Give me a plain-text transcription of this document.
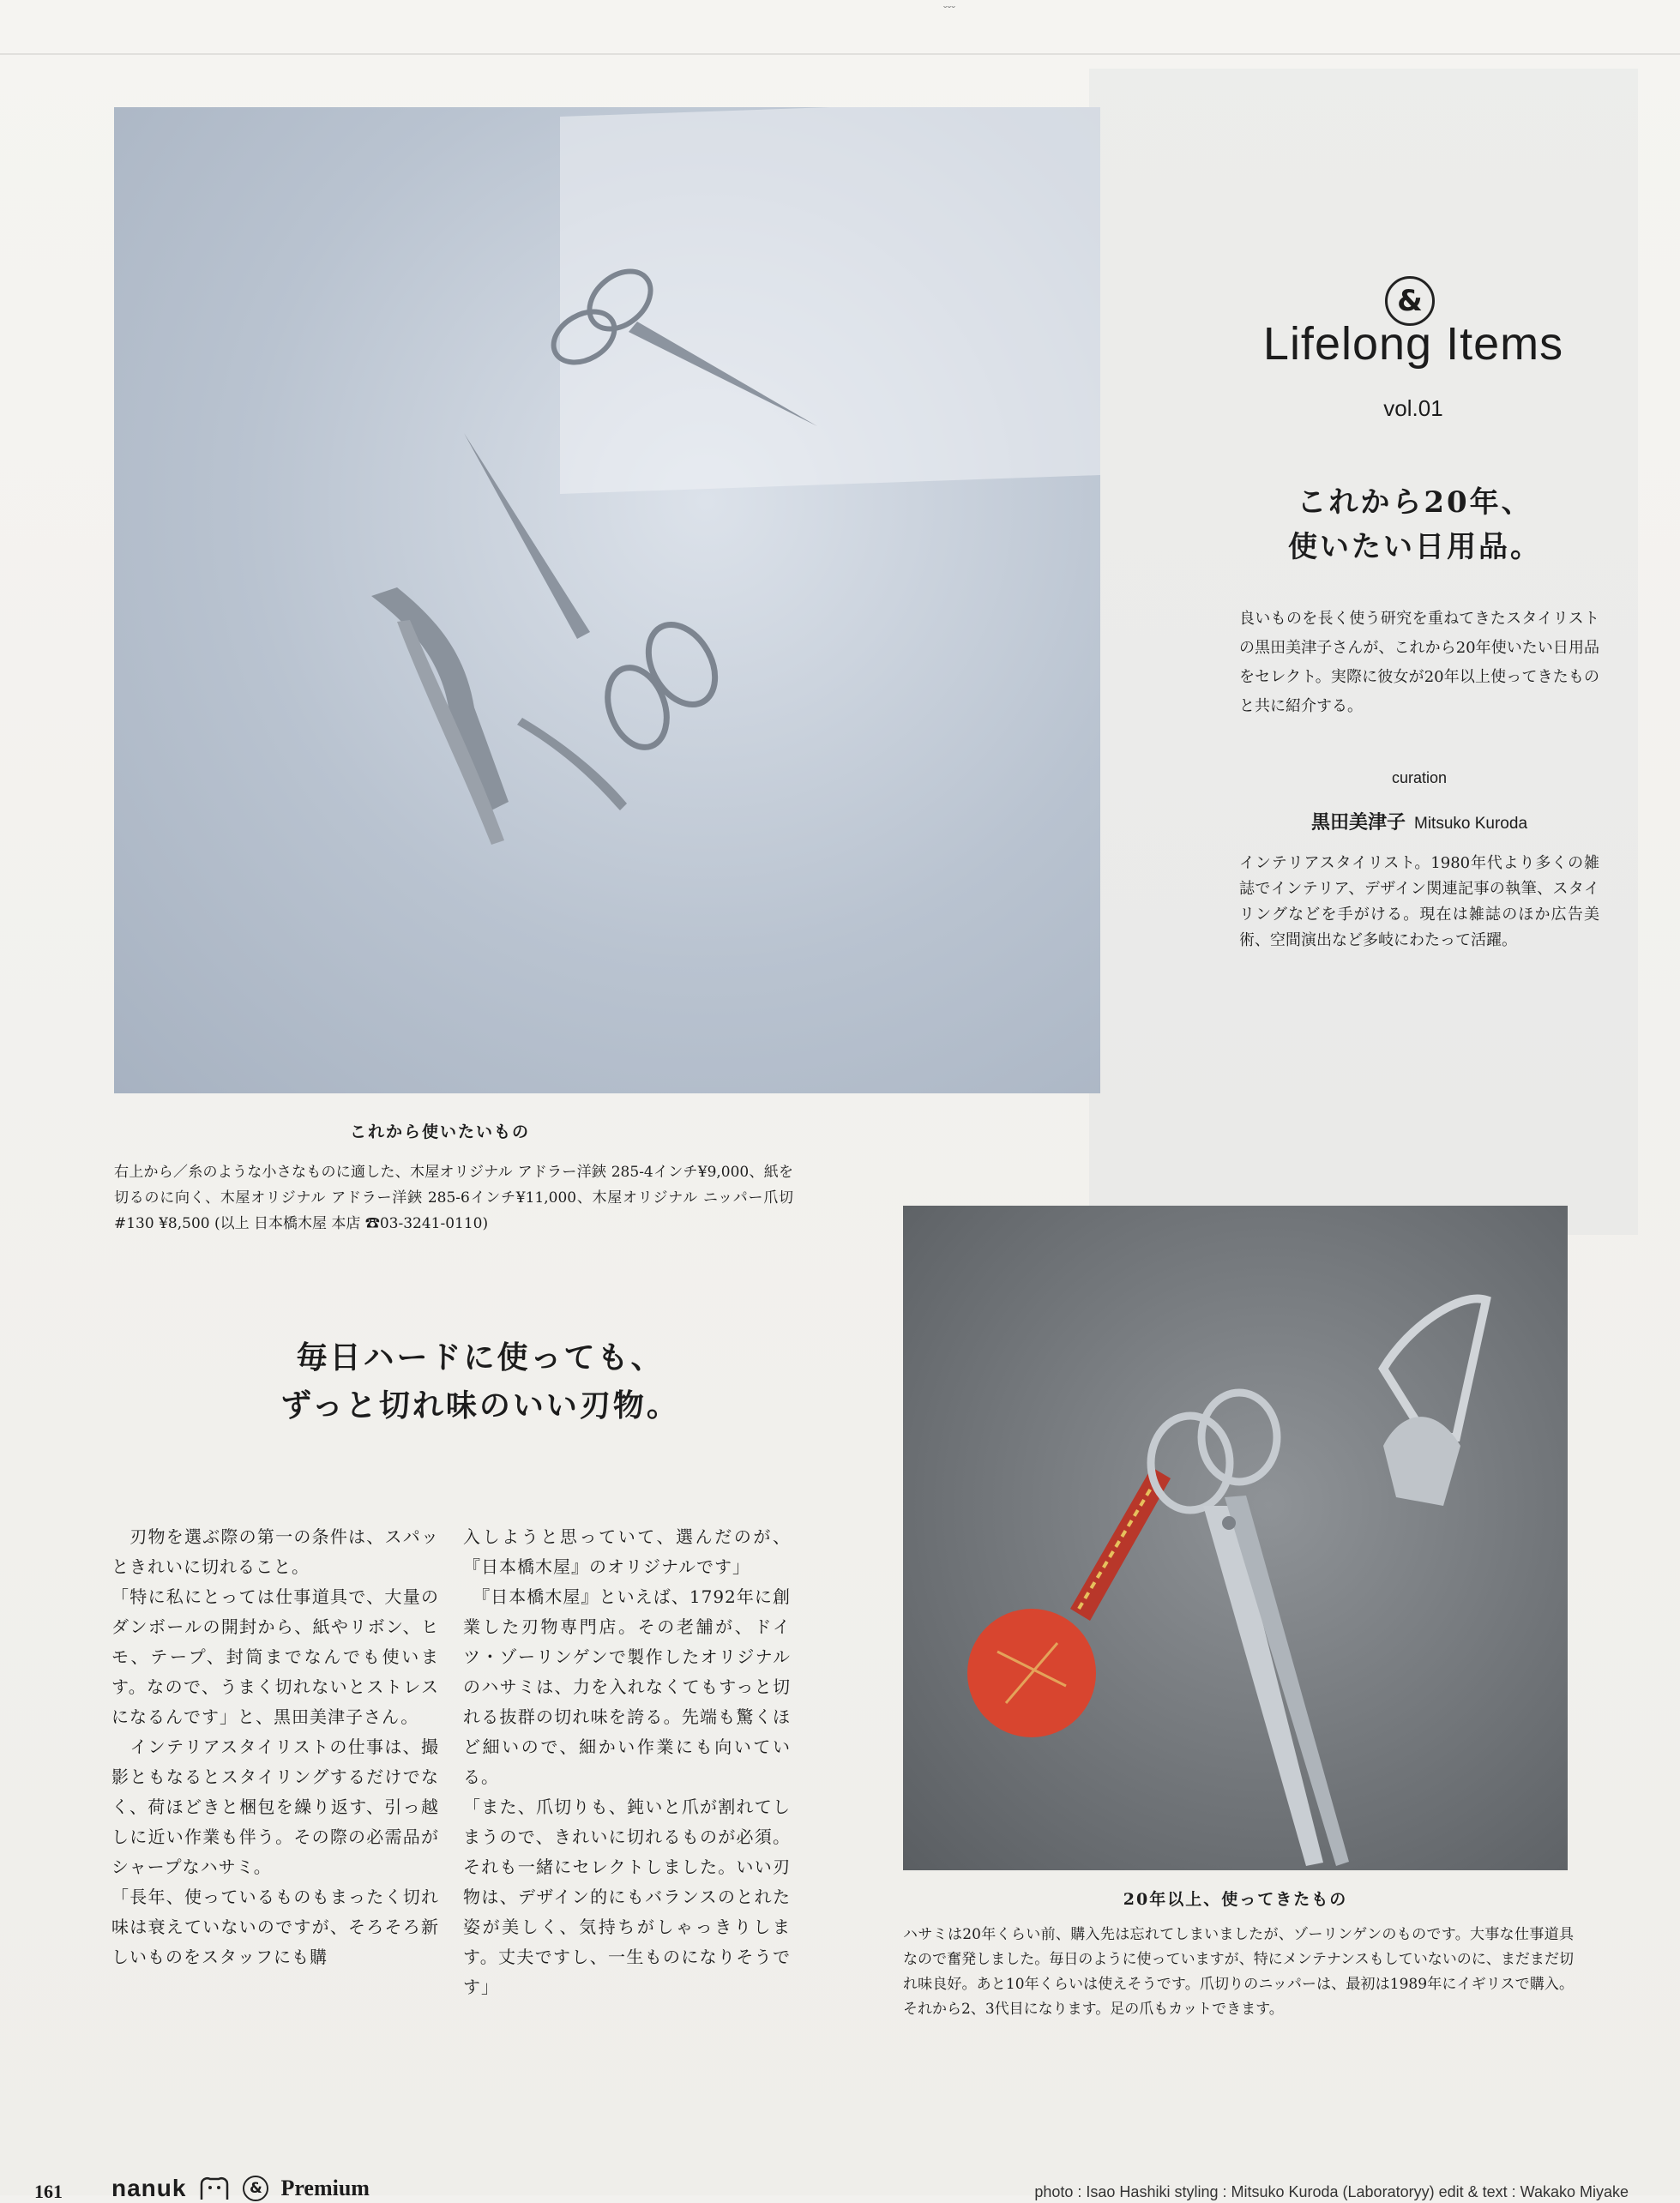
ˇˇˇ
&
Lifelong Items
vol.01
これから20年、
使いたい日用品。
良いものを長く使う研究を重ねてきたスタイリストの黒田美津子さんが、これから20年使いたい日用品をセレクト。実際に彼女が20年以上使ってきたものと共に紹介する。
curation
黒田美津子 Mitsuko Kuroda
インテリアスタイリスト。1980年代より多くの雑誌でインテリア、デザイン関連記事の執筆、スタイリングなどを手がける。現在は雑誌のほか広告美術、空間演出など多岐にわたって活躍。
これから使いたいもの
右上から／糸のような小さなものに適した、木屋オリジナル アドラー洋鋏 285-4インチ¥9,000、紙を切るのに向く、木屋オリジナル アドラー洋鋏 285-6インチ¥11,000、木屋オリジナル ニッパー爪切 #130 ¥8,500 (以上 日本橋木屋 本店 ☎03-3241-0110)
毎日ハードに使っても、
ずっと切れ味のいい刃物。

　刃物を選ぶ際の第一の条件は、スパッときれいに切れること。

「特に私にとっては仕事道具で、大量のダンボールの開封から、紙やリボン、ヒモ、テープ、封筒までなんでも使います。なので、うまく切れないとストレスになるんです」と、黒田美津子さん。

　インテリアスタイリストの仕事は、撮影ともなるとスタイリングするだけでなく、荷ほどきと梱包を繰り返す、引っ越しに近い作業も伴う。その際の必需品がシャープなハサミ。

「長年、使っているものもまったく切れ味は衰えていないのですが、そろそろ新しいものをスタッフにも購

入しようと思っていて、選んだのが、『日本橋木屋』のオリジナルです」

　『日本橋木屋』といえば、1792年に創業した刃物専門店。その老舗が、ドイツ・ゾーリンゲンで製作したオリジナルのハサミは、力を入れなくてもすっと切れる抜群の切れ味を誇る。先端も驚くほど細いので、細かい作業にも向いている。

「また、爪切りも、鈍いと爪が割れてしまうので、きれいに切れるものが必須。それも一緒にセレクトしました。いい刃物は、デザイン的にもバランスのとれた姿が美しく、気持ちがしゃっきりします。丈夫ですし、一生ものになりそうです」

20年以上、使ってきたもの
ハサミは20年くらい前、購入先は忘れてしまいましたが、ゾーリンゲンのものです。大事な仕事道具なので奮発しました。毎日のように使っていますが、特にメンテナンスもしていないのに、まだまだ切れ味良好。あと10年くらいは使えそうです。爪切りのニッパーは、最初は1989年にイギリスで購入。それから2、3代目になります。足の爪もカットできます。
161 nanuk	& Premium	photo : Isao Hashiki styling : Mitsuko Kuroda (Laboratoryy) edit & text : Wakako Miyake
